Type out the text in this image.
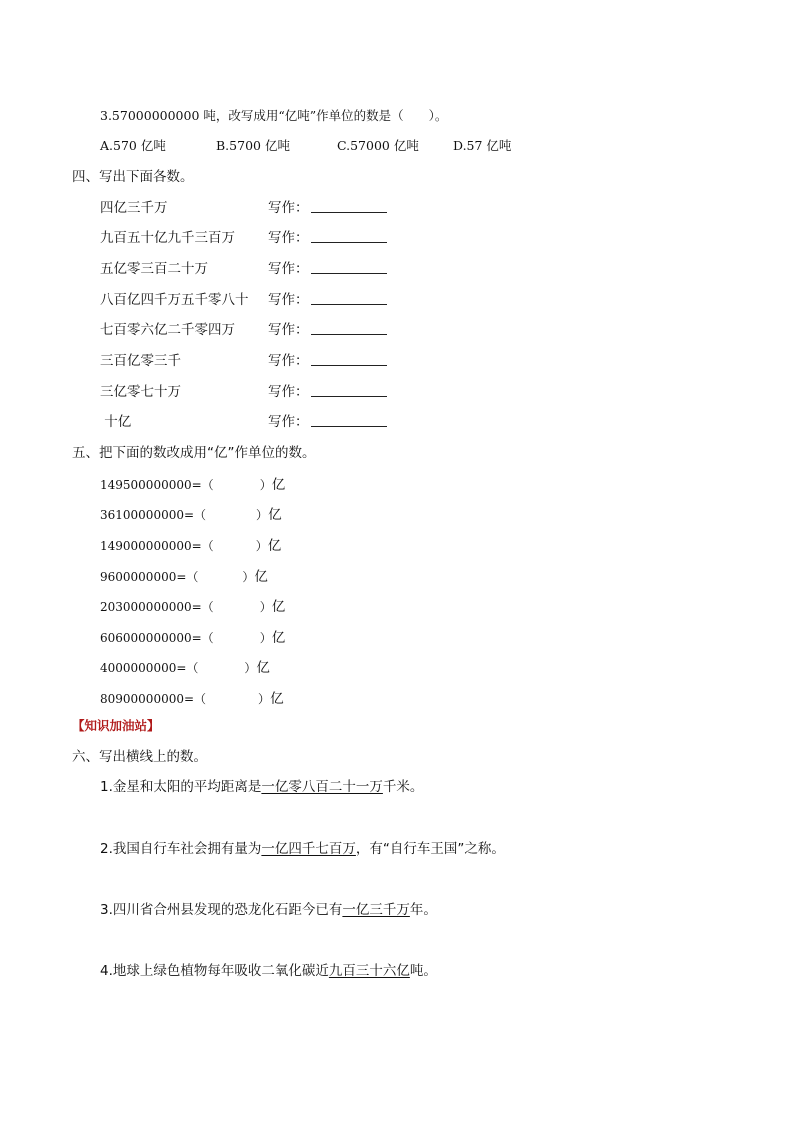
3.57000000000 吨，改写成用“亿吨”作单位的数是（　　）。
A.570 亿吨	B.5700 亿吨	C.57000 亿吨	D.57 亿吨
四、写出下面各数。
四亿三千万	写作：
九百五十亿九千三百万 写作：
五亿零三百二十万	写作：
八百亿四千万五千零八十 写作：
七百零六亿二千零四万 写作：
三百亿零三千	写作：
三亿零七十万	写作：
十亿	写作：
五、把下面的数改成用“亿”作单位的数。
149500000000=（	）亿
36100000000=（	）亿
149000000000=（	）亿
9600000000=（	）亿
203000000000=（	）亿
606000000000=（	）亿
4000000000=（	）亿
80900000000=（	）亿
【知识加油站】
六、写出横线上的数。
1.金星和太阳的平均距离是一亿零八百二十一万千米。
2.我国自行车社会拥有量为一亿四千七百万，有“自行车王国”之称。
3.四川省合州县发现的恐龙化石距今已有一亿三千万年。
4.地球上绿色植物每年吸收二氧化碳近九百三十六亿吨。
